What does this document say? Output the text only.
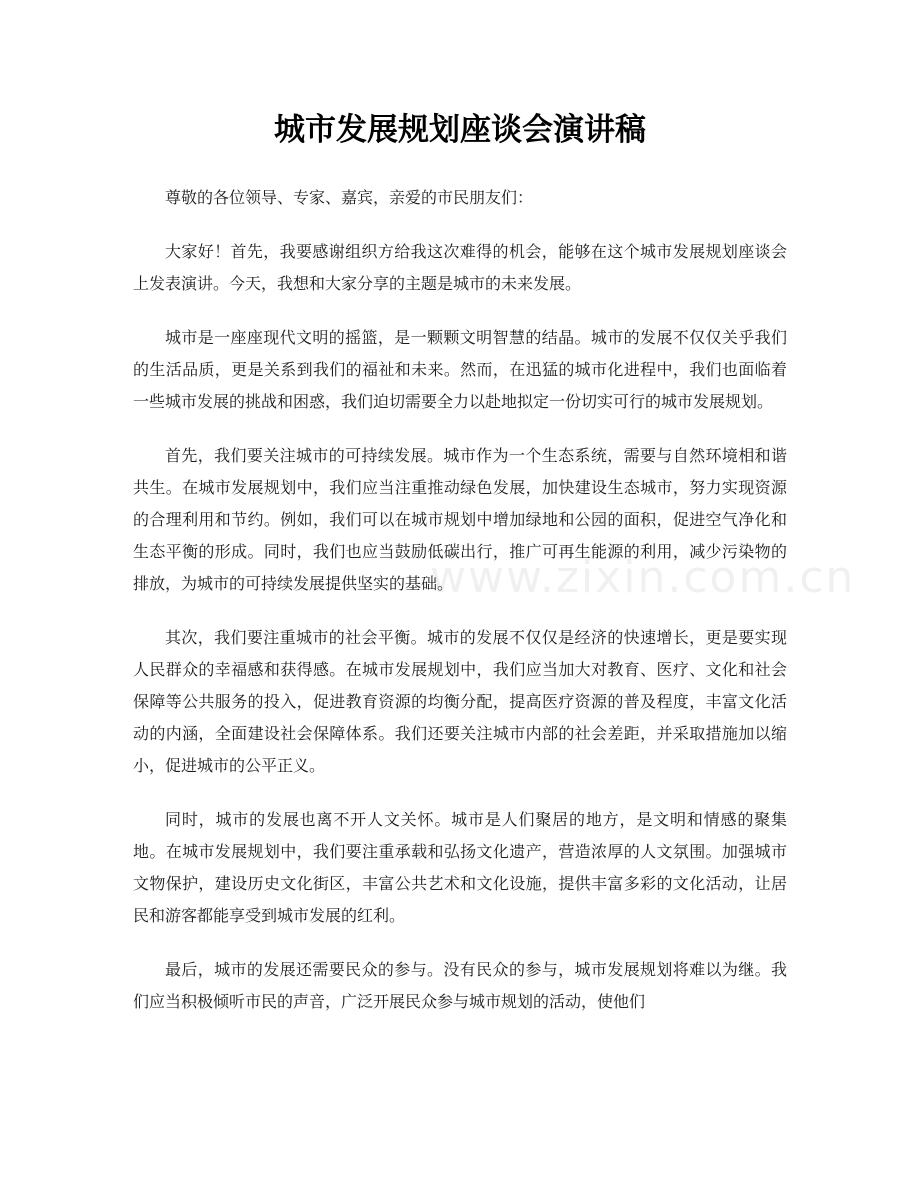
城市发展规划座谈会演讲稿
www.zixin.com.cn

尊敬的各位领导、专家、嘉宾，亲爱的市民朋友们：

大家好！首先，我要感谢组织方给我这次难得的机会，能够在这个城市发展规划座谈会上发表演讲。今天，我想和大家分享的主题是城市的未来发展。

城市是一座座现代文明的摇篮，是一颗颗文明智慧的结晶。城市的发展不仅仅关乎我们的生活品质，更是关系到我们的福祉和未来。然而，在迅猛的城市化进程中，我们也面临着一些城市发展的挑战和困惑，我们迫切需要全力以赴地拟定一份切实可行的城市发展规划。

首先，我们要关注城市的可持续发展。城市作为一个生态系统，需要与自然环境相和谐共生。在城市发展规划中，我们应当注重推动绿色发展，加快建设生态城市，努力实现资源的合理利用和节约。例如，我们可以在城市规划中增加绿地和公园的面积，促进空气净化和生态平衡的形成。同时，我们也应当鼓励低碳出行，推广可再生能源的利用，减少污染物的排放，为城市的可持续发展提供坚实的基础。

其次，我们要注重城市的社会平衡。城市的发展不仅仅是经济的快速增长，更是要实现人民群众的幸福感和获得感。在城市发展规划中，我们应当加大对教育、医疗、文化和社会保障等公共服务的投入，促进教育资源的均衡分配，提高医疗资源的普及程度，丰富文化活动的内涵，全面建设社会保障体系。我们还要关注城市内部的社会差距，并采取措施加以缩小，促进城市的公平正义。

同时，城市的发展也离不开人文关怀。城市是人们聚居的地方，是文明和情感的聚集地。在城市发展规划中，我们要注重承载和弘扬文化遗产，营造浓厚的人文氛围。加强城市文物保护，建设历史文化街区，丰富公共艺术和文化设施，提供丰富多彩的文化活动，让居民和游客都能享受到城市发展的红利。

最后，城市的发展还需要民众的参与。没有民众的参与，城市发展规划将难以为继。我们应当积极倾听市民的声音，广泛开展民众参与城市规划的活动，使他们
